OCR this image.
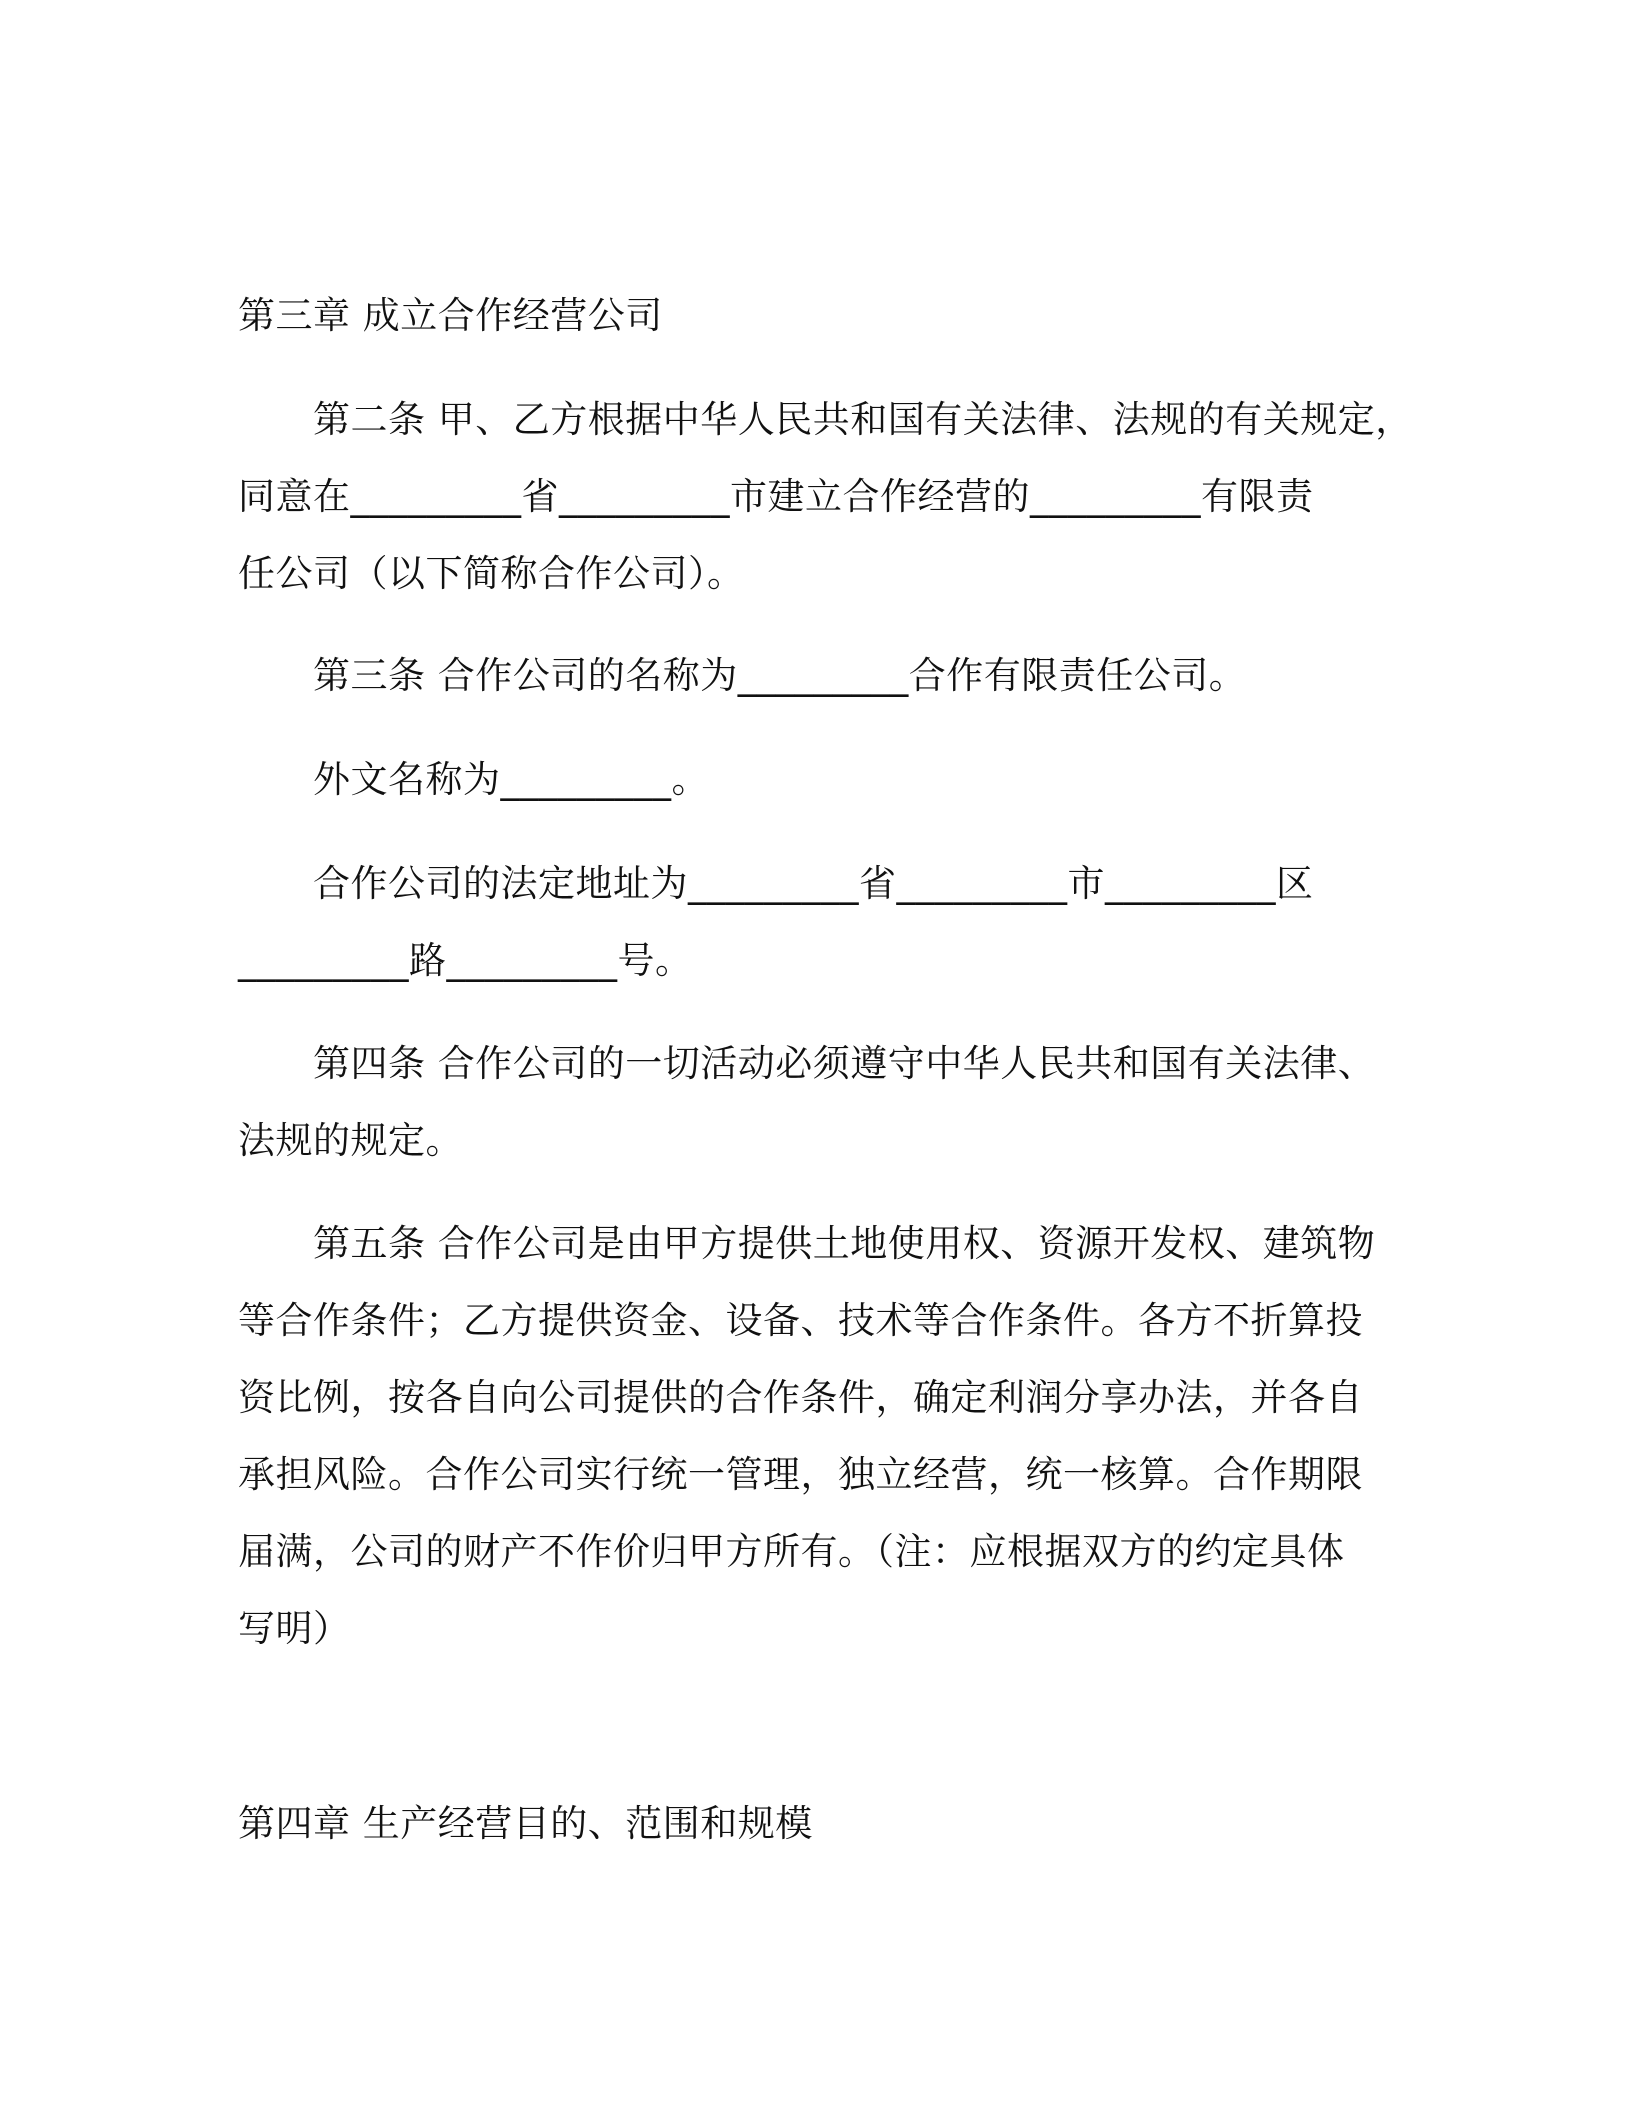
第三章 成立合作经营公司
第二条 甲、乙方根据中华人民共和国有关法律、法规的有关规定，
同意在_________省_________市建立合作经营的_________有限责
任公司（以下简称合作公司）。
第三条 合作公司的名称为_________合作有限责任公司。
外文名称为_________。
合作公司的法定地址为_________省_________市_________区
_________路_________号。
第四条 合作公司的一切活动必须遵守中华人民共和国有关法律、
法规的规定。
第五条 合作公司是由甲方提供土地使用权、资源开发权、建筑物
等合作条件；乙方提供资金、设备、技术等合作条件。各方不折算投
资比例，按各自向公司提供的合作条件，确定利润分享办法，并各自
承担风险。合作公司实行统一管理，独立经营，统一核算。合作期限
届满，公司的财产不作价归甲方所有。（注：应根据双方的约定具体
写明）
第四章 生产经营目的、范围和规模
